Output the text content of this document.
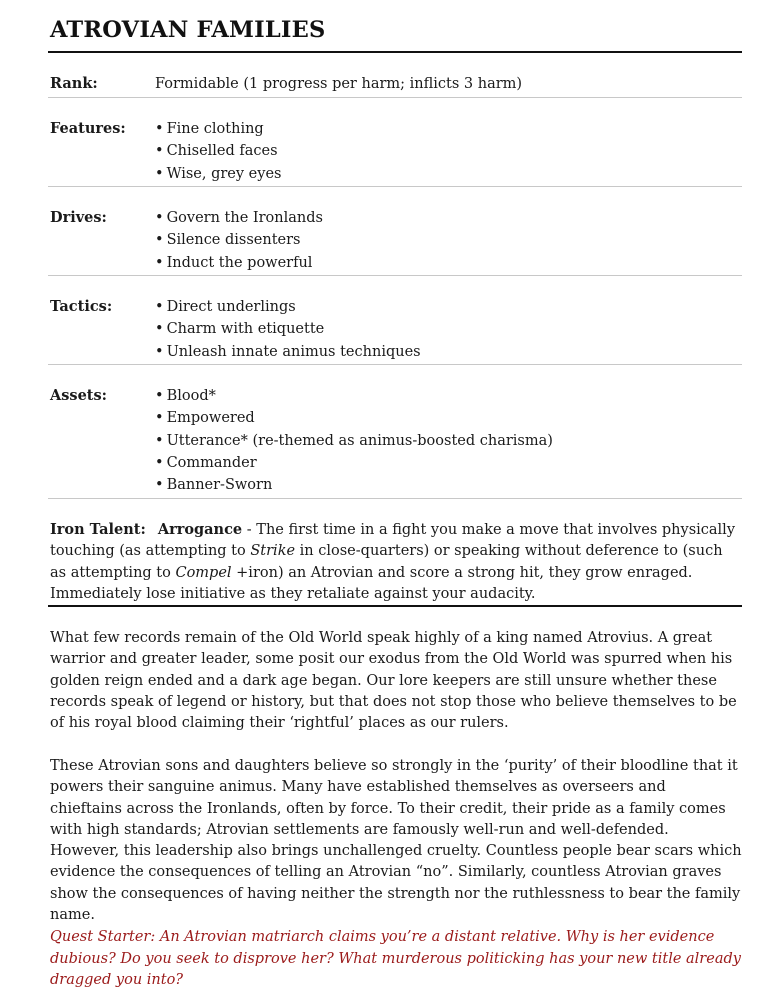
ATROVIAN FAMILIES
Rank:	Formidable (1 progress per harm; inflicts 3 harm)
Features:	• Fine clothing
• Chiselled faces
• Wise, grey eyes
Drives:	• Govern the Ironlands
• Silence dissenters
• Induct the powerful
Tactics:	• Direct underlings
• Charm with etiquette
• Unleash innate animus techniques
Assets:	• Blood*
• Empowered
• Utterance* (re-themed as animus-boosted charisma)
• Commander
• Banner-Sworn

Iron Talent: Arrogance - The first time in a fight you make a move that involves physically touching (as attempting to Strike in close-quarters) or speaking without deference to (such as attempting to Compel +iron) an Atrovian and score a strong hit, they grow enraged. Immediately lose initiative as they retaliate against your audacity.

What few records remain of the Old World speak highly of a king named Atrovius. A great warrior and greater leader, some posit our exodus from the Old World was spurred when his golden reign ended and a dark age began. Our lore keepers are still unsure whether these records speak of legend or history, but that does not stop those who believe themselves to be of his royal blood claiming their ‘rightful’ places as our rulers.

These Atrovian sons and daughters believe so strongly in the ‘purity’ of their bloodline that it powers their sanguine animus. Many have established themselves as overseers and chieftains across the Ironlands, often by force. To their credit, their pride as a family comes with high standards; Atrovian settlements are famously well-run and well-defended. However, this leadership also brings unchallenged cruelty. Countless people bear scars which evidence the consequences of telling an Atrovian “no”. Similarly, countless Atrovian graves show the consequences of having neither the strength nor the ruthlessness to bear the family name.

Quest Starter: An Atrovian matriarch claims you’re a distant relative. Why is her evidence dubious? Do you seek to disprove her? What murderous politicking has your new title already dragged you into?
